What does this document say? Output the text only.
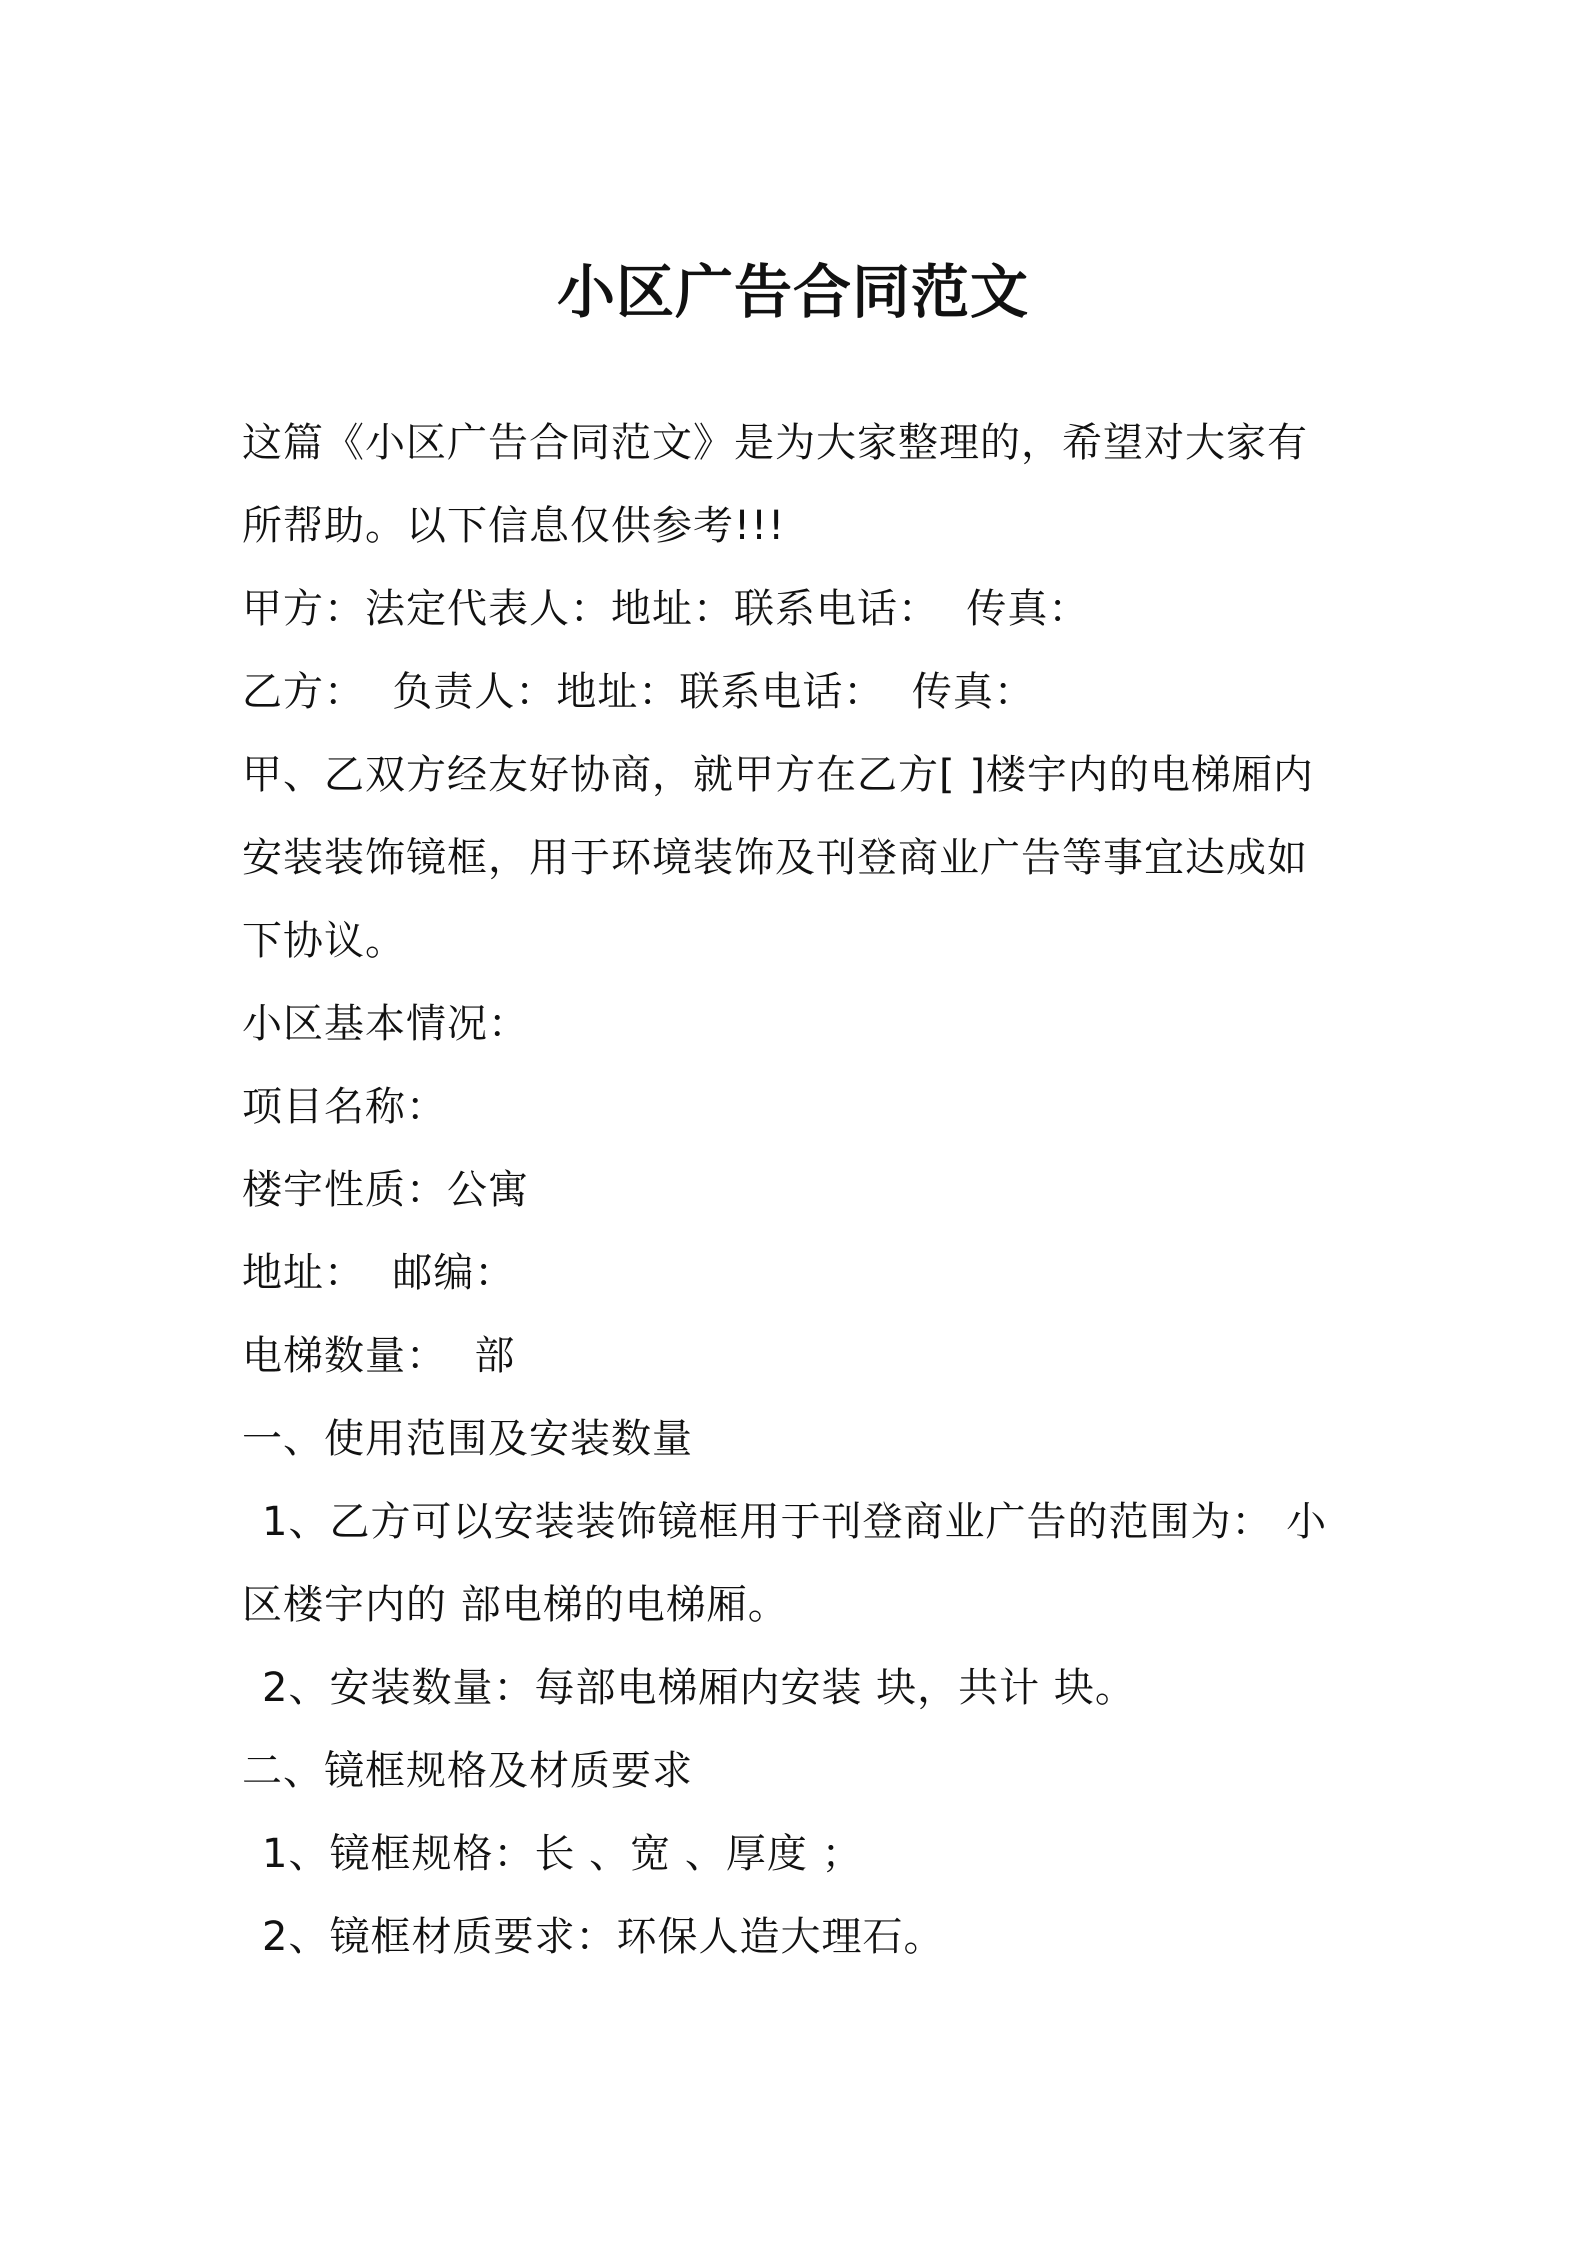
小区广告合同范文
这篇《小区广告合同范文》是为大家整理的，希望对大家有
所帮助。以下信息仅供参考!!!
甲方：法定代表人：地址：联系电话：  传真：
乙方：  负责人：地址：联系电话：  传真：
甲、乙双方经友好协商，就甲方在乙方[ ]楼宇内的电梯厢内
安装装饰镜框，用于环境装饰及刊登商业广告等事宜达成如
下协议。
小区基本情况：
项目名称：
楼宇性质：公寓
地址：  邮编：
电梯数量：  部
一、使用范围及安装数量
1、乙方可以安装装饰镜框用于刊登商业广告的范围为： 小
区楼宇内的 部电梯的电梯厢。
2、安装数量：每部电梯厢内安装 块，共计 块。
二、镜框规格及材质要求
1、镜框规格：长 、宽 、厚度 ；
2、镜框材质要求：环保人造大理石。
